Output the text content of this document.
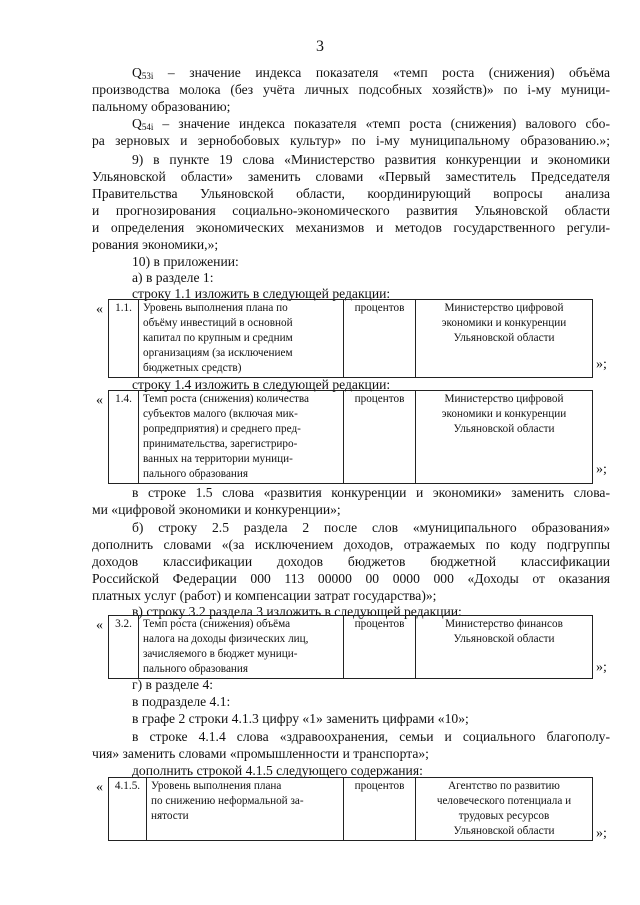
3
$Q_{53i}$ – значение индекса показателя «темп роста (снижения) объёма
производства молока (без учёта личных подсобных хозяйств)» по i-му муници-
пальному образованию;
$Q_{54i}$ – значение индекса показателя «темп роста (снижения) валового сбо-
ра зерновых и зернобобовых культур» по i-му муниципальному образованию.»;
9) в пункте 19 слова «Министерство развития конкуренции и экономики
Ульяновской области» заменить словами «Первый заместитель Председателя
Правительства Ульяновской области, координирующий вопросы анализа
и прогнозирования социально-экономического развития Ульяновской области
и определения экономических механизмов и методов государственного регули-
рования экономики,»;
10) в приложении:
а) в разделе 1:
строку 1.1 изложить в следующей редакции:
« 1.1.	Уровень выполнения плана по
объёму инвестиций в основной
капитал по крупным и средним
организациям (за исключением
бюджетных средств)
	процентов	Министерство цифровой
экономики и конкуренции
Ульяновской области
»;
строку 1.4 изложить в следующей редакции:
« 1.4.	Темп роста (снижения) количества
субъектов малого (включая мик-
ропредприятия) и среднего пред-
принимательства, зарегистриро-
ванных на территории муници-
пального образования
	процентов	Министерство цифровой
экономики и конкуренции
Ульяновской области
»;
в строке 1.5 слова «развития конкуренции и экономики» заменить слова-
ми «цифровой экономики и конкуренции»;
б) строку 2.5 раздела 2 после слов «муниципального образования»
дополнить словами «(за исключением доходов, отражаемых по коду подгруппы
доходов классификации доходов бюджетов бюджетной классификации
Российской Федерации 000 113 00000 00 0000 000 «Доходы от оказания
платных услуг (работ) и компенсации затрат государства)»;
в) строку 3.2 раздела 3 изложить в следующей редакции:
« 3.2.	Темп роста (снижения) объёма
налога на доходы физических лиц,
зачисляемого в бюджет муници-
пального образования
	процентов	Министерство финансов
Ульяновской области
»;
г) в разделе 4:
в подразделе 4.1:
в графе 2 строки 4.1.3 цифру «1» заменить цифрами «10»;
в строке 4.1.4 слова «здравоохранения, семьи и социального благополу-
чия» заменить словами «промышленности и транспорта»;
дополнить строкой 4.1.5 следующего содержания:
« 4.1.5.	Уровень выполнения плана
по снижению неформальной за-
нятости
	процентов	Агентство по развитию
человеческого потенциала и
трудовых ресурсов
Ульяновской области	»;
